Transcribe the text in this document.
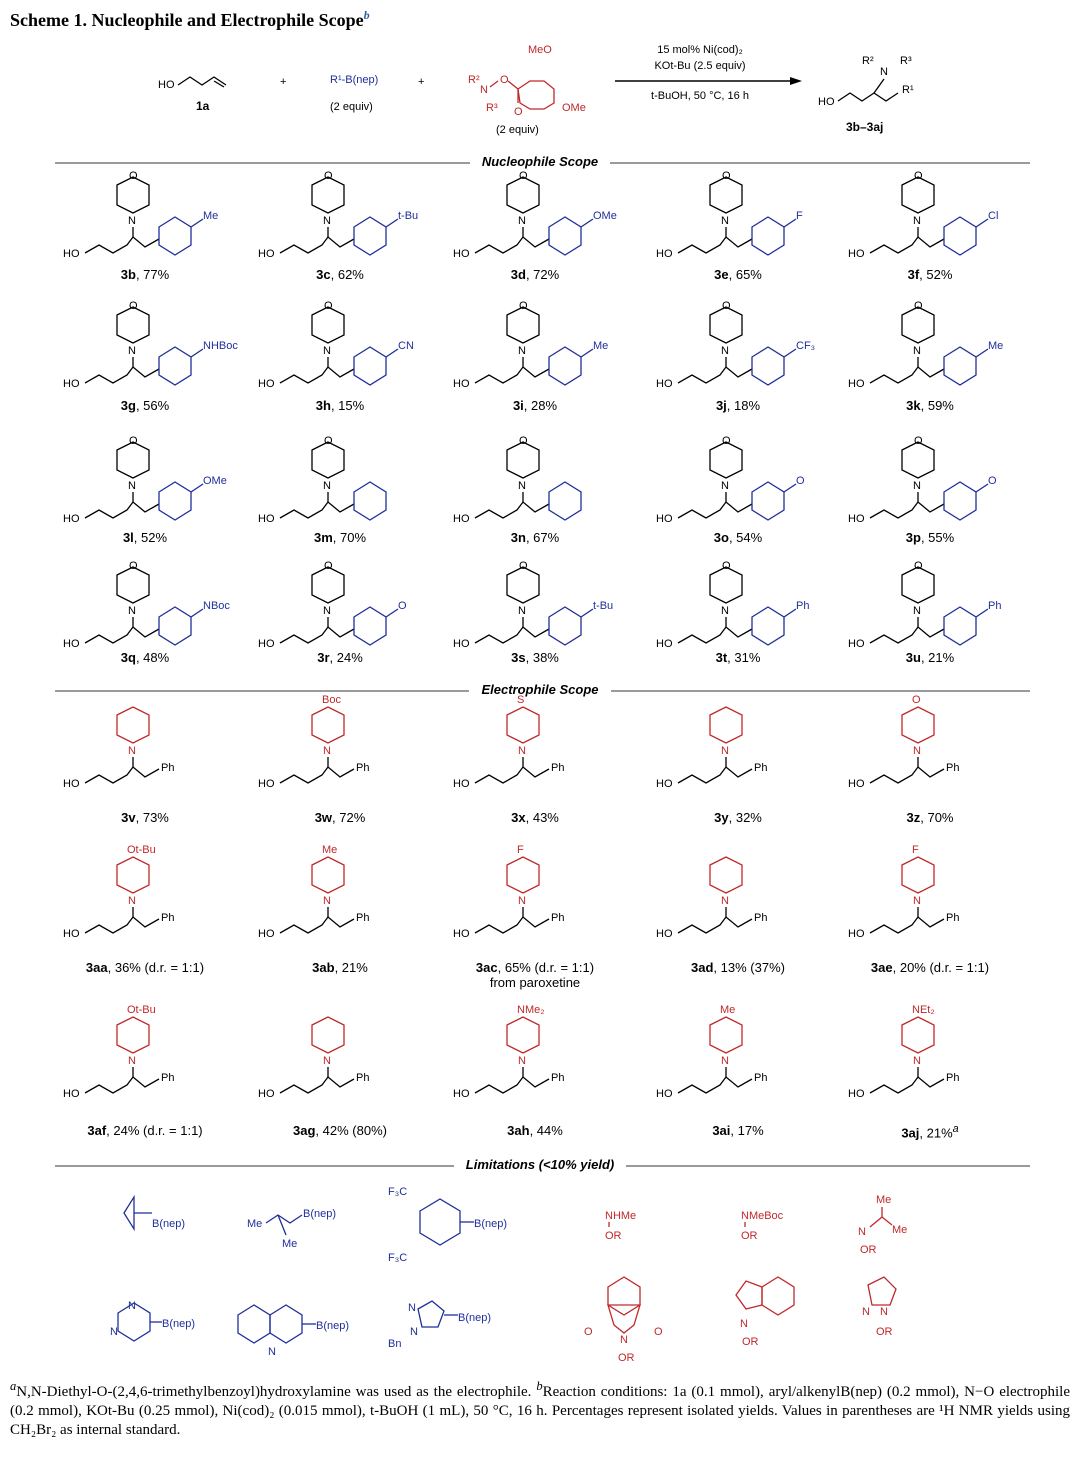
Scheme 1. Nucleophile and Electrophile Scope$^b$
HO
1a
+	R¹-B(nep)
(2 equiv)
+	R²
N
R³
O
O
MeO
OMe
(2 equiv)
15 mol% Ni(cod)₂
KOt-Bu (2.5 equiv)
t-BuOH, 50 °C, 16 h
R²
N
R³
HO
R¹
3b–3aj
Nucleophile Scope
Electrophile Scope
Limitations (<10% yield)
N
O
HO
Me
3b, 77%
N
O
HO
t-Bu
3c, 62%
N
O
HO
OMe
3d, 72%
N
O
HO
F
3e, 65%
N
O
HO
Cl
3f, 52%
N
O
HO
NHBoc
3g, 56%
N
O
HO
CN
3h, 15%
N
O
HO
Me
3i, 28%
N
O
HO
CF₃
3j, 18%
N
O
HO
Me
3k, 59%
N
O
HO
OMe
3l, 52%
N
O
HO
3m, 70%
N
O
HO
3n, 67%
N
O
HO
O
3o, 54%
N
O
HO
O
3p, 55%
N
O
HO
NBoc
3q, 48%
N
O
HO
O
3r, 24%
N
O
HO
t-Bu
3s, 38%
N
O
HO
Ph
3t, 31%
N
O
HO
Ph
3u, 21%
N
HO
Ph
3v, 73%
N
HO
Ph
Boc
3w, 72%
N
HO
Ph
S
3x, 43%
N
HO
Ph
3y, 32%
N
HO
Ph
O
3z, 70%
N
HO
Ph
Ot-Bu
3aa, 36% (d.r. = 1:1)
N
HO
Ph
Me
3ab, 21%
N
HO
Ph
F
3ac, 65% (d.r. = 1:1)
from paroxetine
N
HO
Ph
3ad, 13% (37%)
N
HO
Ph
F
3ae, 20% (d.r. = 1:1)
N
HO
Ph
Ot-Bu
3af, 24% (d.r. = 1:1)
N
HO
Ph
3ag, 42% (80%)
N
HO
Ph
NMe₂
3ah, 44%
N
HO
Ph
Me
3ai, 17%
N
HO
Ph
NEt₂
3aj, 21%$^a$
B(nep)	Me
Me
B(nep)
B(nep)
F₃C
F₃C
NHMe
OR
NMeBoc
OR
Me
Me
N
OR
N
N
B(nep)
N
B(nep)
N
N
Bn
B(nep)
O	O
N
OR
N
OR
N N
OR
$^a$N,N-Diethyl-O-(2,4,6-trimethylbenzoyl)hydroxylamine was used as the electrophile. $^b$Reaction conditions: 1a (0.1 mmol), aryl/alkenylB(nep) (0.2 mmol), N−O electrophile (0.2 mmol), KOt-Bu (0.25 mmol), Ni(cod)₂ (0.015 mmol), t-BuOH (1 mL), 50 °C, 16 h. Percentages represent isolated yields. Values in parentheses are ¹H NMR yields using CH₂Br₂ as internal standard.
